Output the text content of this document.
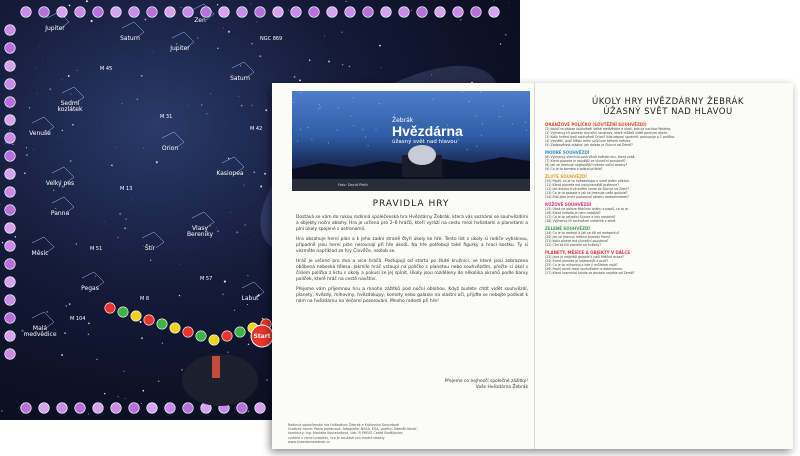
Jupiter
Saturn
Zen
Sedmi
kozlátek
Saturn
Venuše
Orion
Velký pes
Kasiopea
Panna
Štír
Měsíc
Vlasy
Bereniky
Pegas
Labuť
Jupiter
Malá
medvědice
M 31
M 45
M 42
M 13
M 57
M 104
NGC 869
M 8
M 51
Start
Žebrák
Hvězdárna
úžasný svět nad hlavou
Foto: David Pleth
PRAVIDLA HRY

Dostává se vám do rukou rodinná společenská hra Hvězdárny Žebrák, která vás seznámí se souhvězdími a objekty noční oblohy. Hra je určena pro 2–6 hráčů, kteří vyráží na cestu mezi hvězdami a planetami a plní úkoly spojené s astronomií.

Hra obsahuje herní plán a k jeho zadní straně čtyři úkoly ke hře. Tento list s úkoly si rodiče vytisknou, případně jsou herní plán nerovnají při hře úkolů. Na hře potřebují také figurky a hrací kostku. Ty si vezměte například ze hry Člověče, nezlob se.

Hráč je určeno pro dva a více hráčů. Postupují od startu po žluté kružnici, ve které jsou zobrazena oblíbená nebeská tělesa. Jakmile hráč vstoupí na políčko s planetou nebo souhvězdím, přečte si úkol s číslem políčka z listu s úkoly a pokusí se jej splnit. Úkoly jsou rozděleny do několika okruhů podle barvy políček, které hráč na cestě navštíví.

Přejeme vám příjemnou hru a mnoho zážitků pod noční oblohou. Když budete chtít vidět souhvězdí, planety, hvězdy, mlhoviny, hvězdokupy, komety nebo galaxie na vlastní oči, přijďte se nebojte podívat k nám na hvězdárnu na Večerní pozorování. Mnoho radosti při hře!

Přejeme co nejhezčí společné zážitky!
Vaše Hvězdárna Žebrák
Rodinná společenská hra Hvězdárny Žebrák a Království Sasvidové
Grafický návrh: Pavla Jordánová, fotografie: NASA, ESA, grafiky: Zdeněk Kovář,
korektury: Ing. Markéta Kouteckáová, tisk: R PRESS České Budějovice,
vydáno v rámci projektu, hra je součástí pro modré oblohy
www.hvezdarnazebrak.cz
ÚKOLY HRY HVĚZDÁRNY ŽEBRÁK
ÚŽASNÝ SVĚT NAD HLAVOU
ORANŽOVÉ POLÍČKO (SOUTĚŽNÍ SOUHVĚZDÍ)
(1) Najdi na obloze souhvězdí Velké medvědice a ukaž, kde se nachází Polárka.
(2) Vyjmenuj tři planety sluneční soustavy, které můžeš vidět pouhým okem.
(3) Kolik hvězd tvoří souhvězdí Orion? Kdo odpoví správně, postupuje o 2 políčka.
(4) Vysvětli, proč Měsíc mění svůj tvar během měsíce.
(5) Zodpovědná otázka: jak daleko je Slunce od Země?
MODRÉ SOUHVĚZDÍ
(6) Vyjmenuj všechna souhvězdí zvěrokruhu, která znáš.
(7) Která planeta je největší ve sluneční soustavě?
(8) Jak se jmenuje nejjasnější hvězda noční oblohy?
(9) Co je to kometa a odkud přilétá?
ŽLUTÉ SOUHVĚZDÍ
(10) Popiš, co je to hvězdokupa a uveď jeden příklad.
(11) Která planeta má nejvýraznější prstence?
(12) Jak dlouho trvá světlu cesta ze Slunce na Zemi?
(13) Co je to galaxie a jak se jmenuje naše galaxie?
(14) Kdo jako první pozoroval oblohu dalekohledem?
RŮŽOVÉ SOUHVĚZDÍ
(15) Ukaž na obloze Mléčnou dráhu a popiš, co to je.
(16) Která hvězda je nám nejblíže?
(17) Co je to zatmění Slunce a kdy nastává?
(18) Vyjmenuj tři souhvězdí viditelná v zimě.
ZELENÉ SOUHVĚZDÍ
(19) Co je to meteor a jak se liší od meteoritu?
(20) Jak se jmenují měsíce planety Mars?
(21) Kolik planet má sluneční soustava?
(22) Čím se liší planeta od hvězdy?
PLANETY, MĚSÍCE A OBJEKTY V DÁLCE
(23) Jaká je nejbližší galaxie k naší Mléčné dráze?
(24) Která planeta je nejteplejší a proč?
(25) Co je to mlhovina a kde ji můžeme najít?
(26) Popiš rozdíl mezi souhvězdím a asterismem.
(27) Která kosmická sonda se dostala nejdále od Země?
